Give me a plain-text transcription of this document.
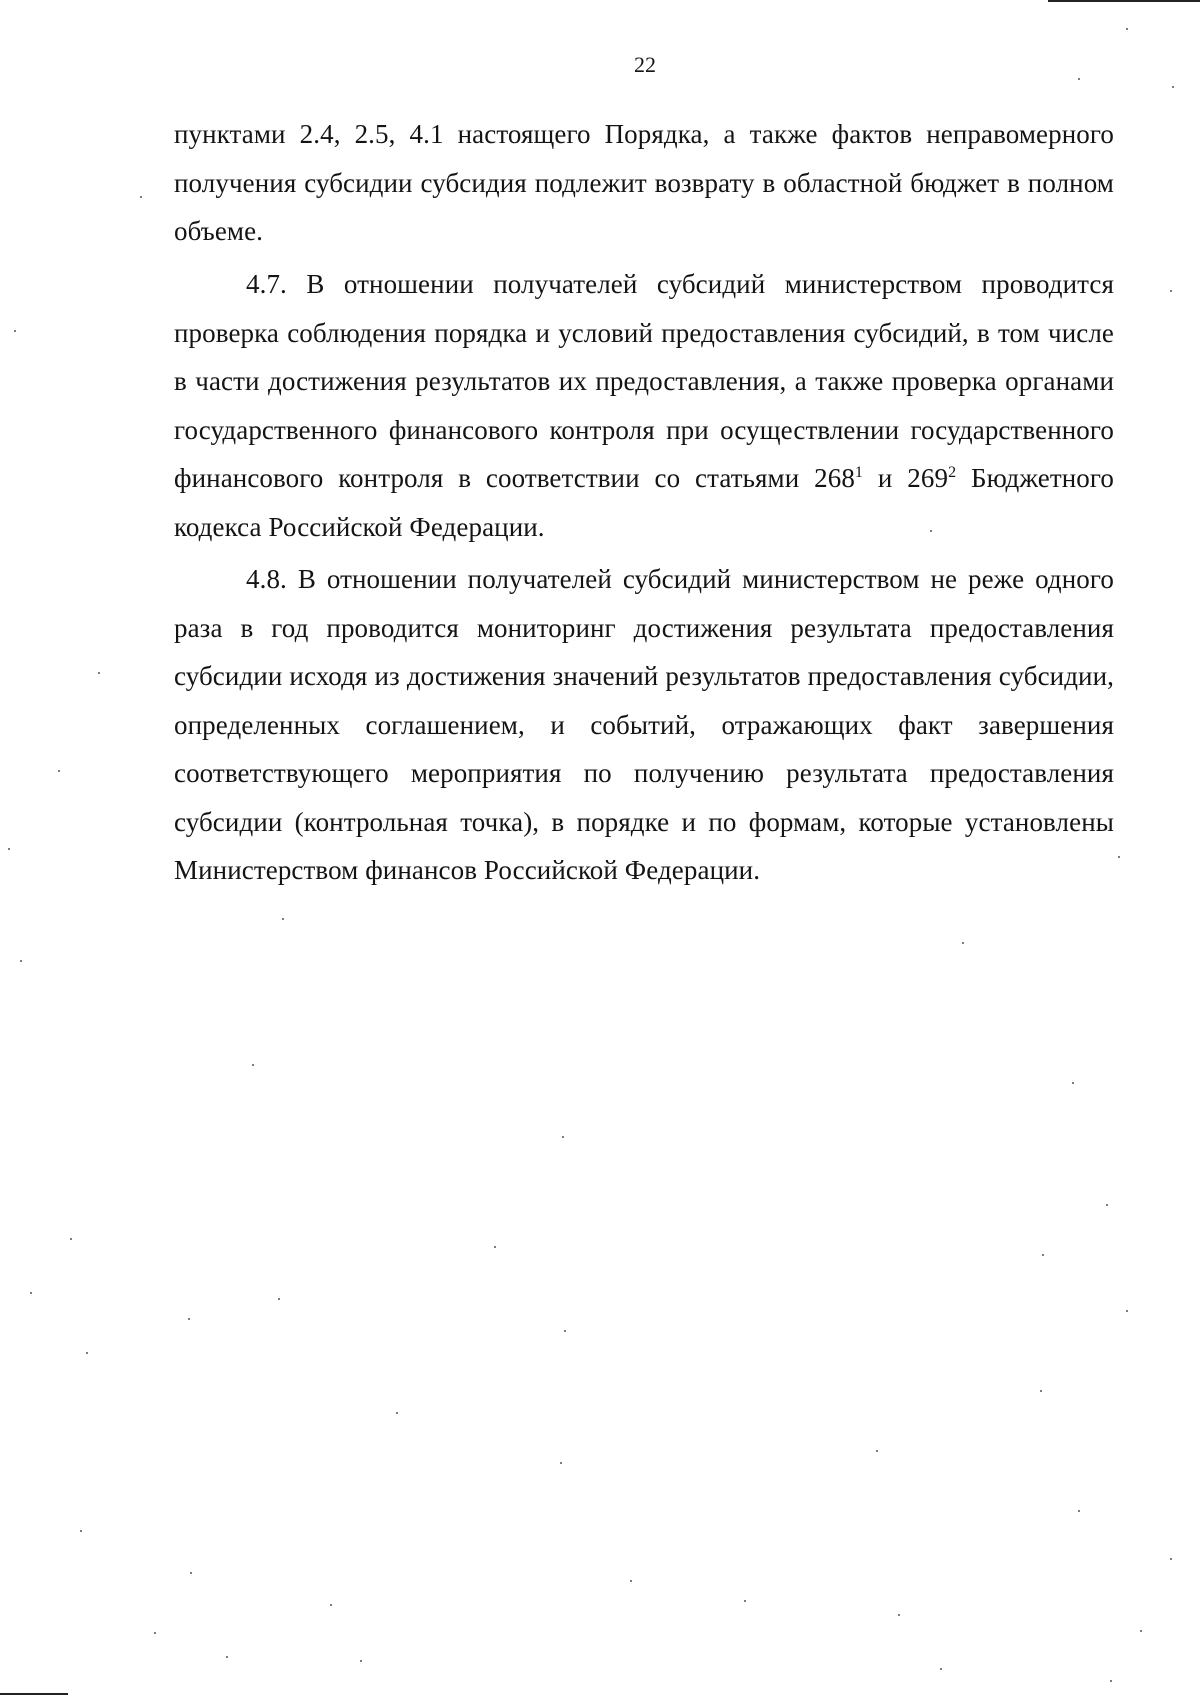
22

пунктами 2.4, 2.5, 4.1 настоящего Порядка, а также фактов неправомерного получения субсидии субсидия подлежит возврату в областной бюджет в полном объеме.

4.7. В отношении получателей субсидий министерством проводится проверка соблюдения порядка и условий предоставления субсидий, в том числе в части достижения результатов их предоставления, а также проверка органами государственного финансового контроля при осуществлении государственного финансового контроля в соответствии со статьями $268^1$ и $269^2$ Бюджетного кодекса Российской Федерации.

4.8. В отношении получателей субсидий министерством не реже одного раза в год проводится мониторинг достижения результата предоставления субсидии исходя из достижения значений результатов предоставления субсидии, определенных соглашением, и событий, отражающих факт завершения соответствующего мероприятия по получению результата предоставления субсидии (контрольная точка), в порядке и по формам, которые установлены Министерством финансов Российской Федерации.
